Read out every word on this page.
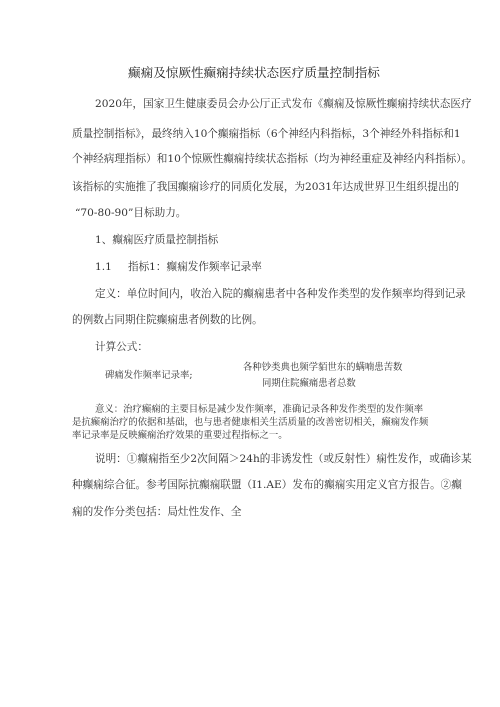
癫痫及惊厥性癫痫持续状态医疗质量控制指标
2020年，国家卫生健康委员会办公厅正式发布《癫痫及惊厥性癫痫持续状态医疗
质量控制指标》，最终纳入10个癫痫指标（6个神经内科指标，3个神经外科指标和1
个神经病理指标）和10个惊厥性癫痫持续状态指标（均为神经重症及神经内科指标）。
该指标的实施推了我国癫痫诊疗的同质化发展，为2031年达成世界卫生组织提出的
“70-80-90”目标助力。
1、癫痫医疗质量控制指标
1.1 指标1：癫痫发作频率记录率
定义：单位时间内，收治入院的癫痫患者中各种发作类型的发作频率均得到记录
的例数占同期住院癫痫患者例数的比例。
计算公式：
各种钞类典也频学貊世东的螨喃患苦数
碑痛发作频率记录率;
同期住院癫痛患者总数
意义：治疗癫痫的主要目标是减少发作频率，准确记录各种发作类型的发作频率
是抗癫痫治疗的依据和基础，也与患者健康相关生活质量的改善密切相关，癫痫发作频
率记录率是反映癫痫治疗效果的重要过程指标之一。
说明：①癫痫指至少2次间隔＞24h的非诱发性（或反射性）痫性发作，或确诊某
种癫痫综合征。参考国际抗癫痫联盟（I1.AE）发布的癫痫实用定义官方报告。②癫
痫的发作分类包括：局灶性发作、全
